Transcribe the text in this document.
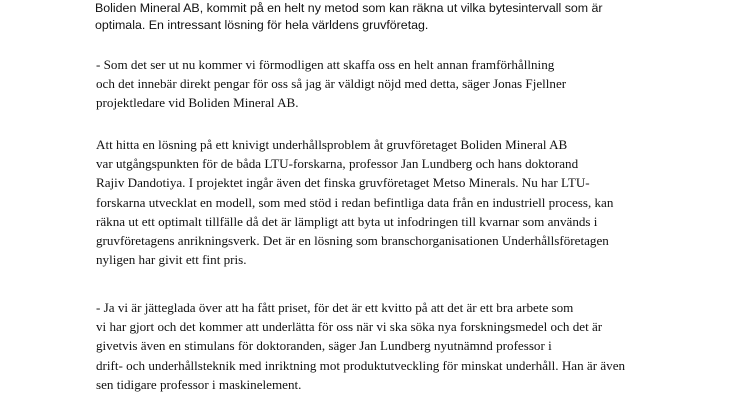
Boliden Mineral AB, kommit på en helt ny metod som kan räkna ut vilka bytesintervall som är
optimala. En intressant lösning för hela världens gruvföretag.
- Som det ser ut nu kommer vi förmodligen att skaffa oss en helt annan framförhållning
och det innebär direkt pengar för oss så jag är väldigt nöjd med detta, säger Jonas Fjellner
projektledare vid Boliden Mineral AB.
Att hitta en lösning på ett knivigt underhållsproblem åt gruvföretaget Boliden Mineral AB
var utgångspunkten för de båda LTU-forskarna, professor Jan Lundberg och hans doktorand
Rajiv Dandotiya. I projektet ingår även det finska gruvföretaget Metso Minerals. Nu har LTU-
forskarna utvecklat en modell, som med stöd i redan befintliga data från en industriell process, kan
räkna ut ett optimalt tillfälle då det är lämpligt att byta ut infodringen till kvarnar som används i
gruvföretagens anrikningsverk. Det är en lösning som branschorganisationen Underhållsföretagen
nyligen har givit ett fint pris.
- Ja vi är jätteglada över att ha fått priset, för det är ett kvitto på att det är ett bra arbete som
vi har gjort och det kommer att underlätta för oss när vi ska söka nya forskningsmedel och det är
givetvis även en stimulans för doktoranden, säger Jan Lundberg nyutnämnd professor i
drift- och underhållsteknik med inriktning mot produktutveckling för minskat underhåll. Han är även
sen tidigare professor i maskinelement.
